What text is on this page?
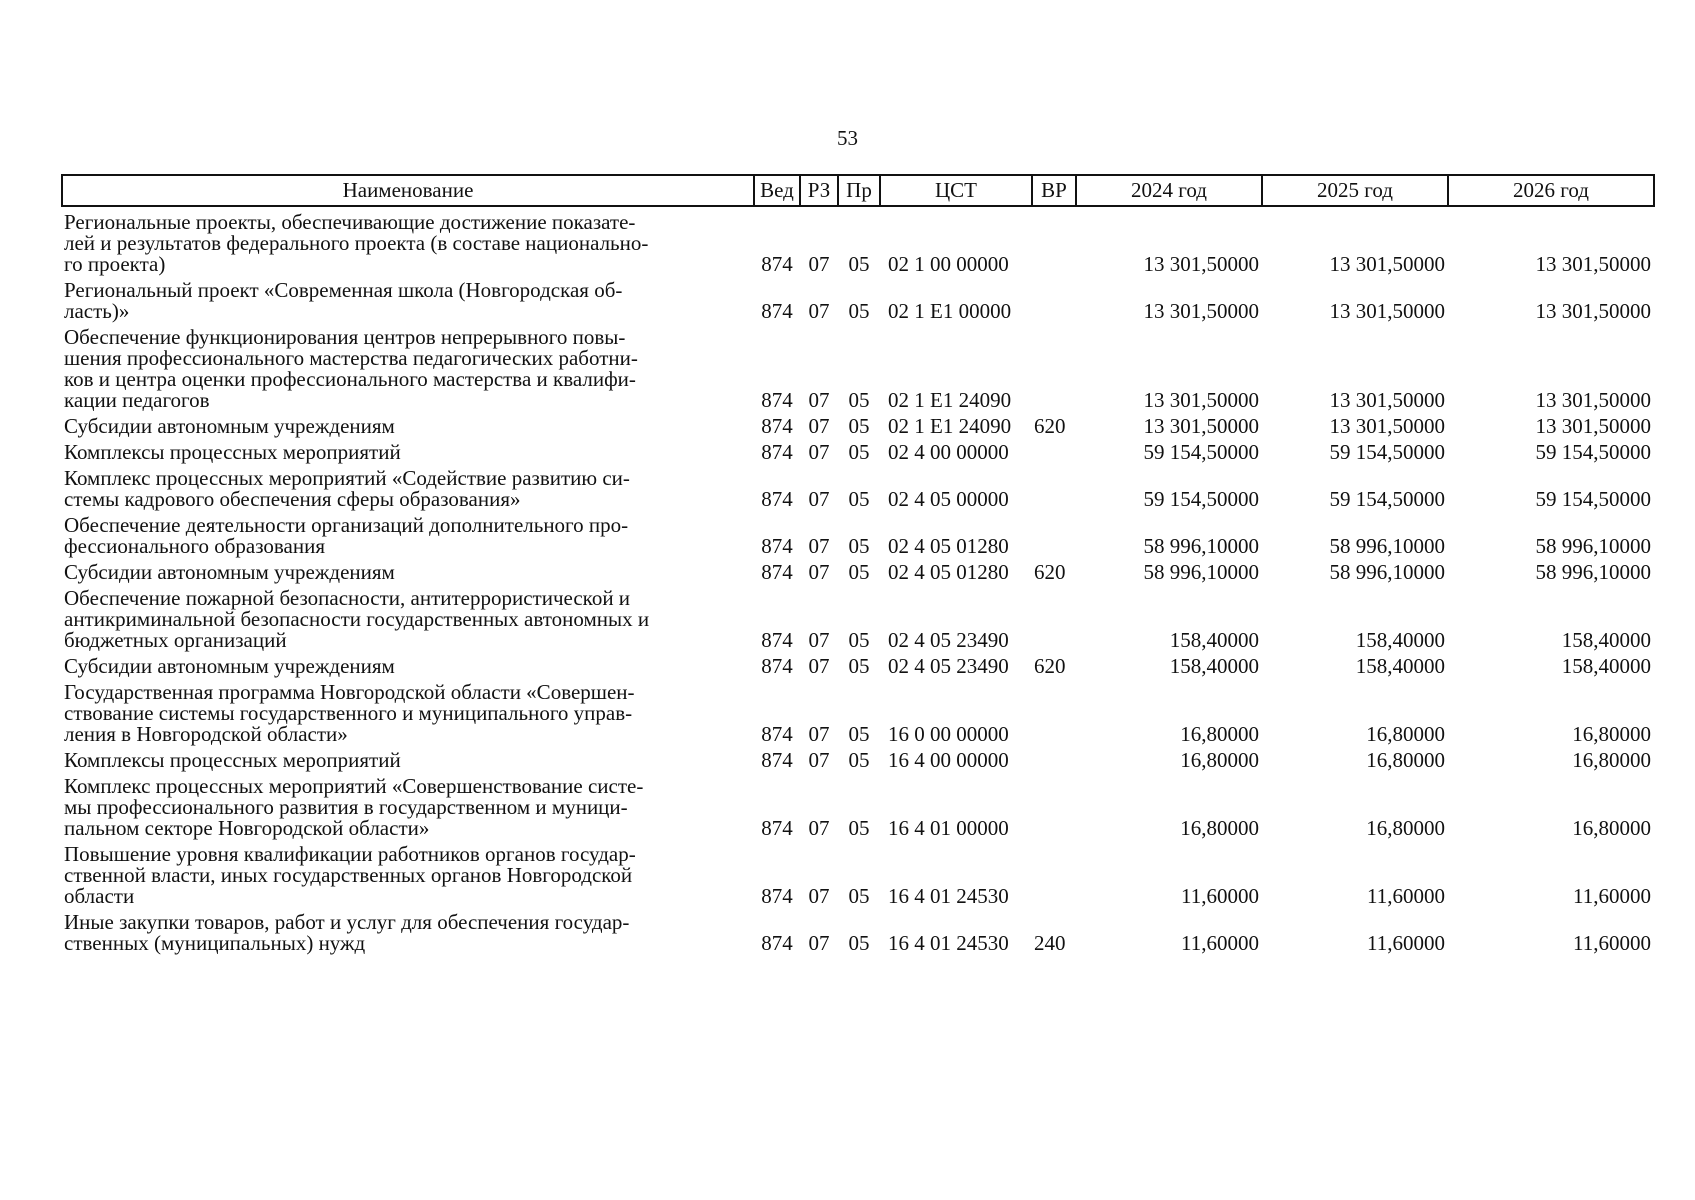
53
Наименование	Вед	РЗ	Пр	ЦСТ	ВР	2024 год	2025 год	2026 год

Региональные проекты, обеспечивающие достижение показате-
лей и результатов федерального проекта (в составе национально-
го проекта)	874	07	05	02 1 00 00000		13 301,50000	13 301,50000	13 301,50000

Региональный проект «Современная школа (Новгородская об-
ласть)»	874	07	05	02 1 E1 00000		13 301,50000	13 301,50000	13 301,50000

Обеспечение функционирования центров непрерывного повы-
шения профессионального мастерства педагогических работни-
ков и центра оценки профессионального мастерства и квалифи-
кации педагогов	874	07	05	02 1 E1 24090		13 301,50000	13 301,50000	13 301,50000

Субсидии автономным учреждениям	874	07	05	02 1 E1 24090	620	13 301,50000	13 301,50000	13 301,50000

Комплексы процессных мероприятий	874	07	05	02 4 00 00000		59 154,50000	59 154,50000	59 154,50000

Комплекс процессных мероприятий «Содействие развитию си-
стемы кадрового обеспечения сферы образования»	874	07	05	02 4 05 00000		59 154,50000	59 154,50000	59 154,50000

Обеспечение деятельности организаций дополнительного про-
фессионального образования	874	07	05	02 4 05 01280		58 996,10000	58 996,10000	58 996,10000

Субсидии автономным учреждениям	874	07	05	02 4 05 01280	620	58 996,10000	58 996,10000	58 996,10000

Обеспечение пожарной безопасности, антитеррористической и
антикриминальной безопасности государственных автономных и
бюджетных организаций	874	07	05	02 4 05 23490		158,40000	158,40000	158,40000

Субсидии автономным учреждениям	874	07	05	02 4 05 23490	620	158,40000	158,40000	158,40000

Государственная программа Новгородской области «Совершен-
ствование системы государственного и муниципального управ-
ления в Новгородской области»	874	07	05	16 0 00 00000		16,80000	16,80000	16,80000

Комплексы процессных мероприятий	874	07	05	16 4 00 00000		16,80000	16,80000	16,80000

Комплекс процессных мероприятий «Совершенствование систе-
мы профессионального развития в государственном и муници-
пальном секторе Новгородской области»	874	07	05	16 4 01 00000		16,80000	16,80000	16,80000

Повышение уровня квалификации работников органов государ-
ственной власти, иных государственных органов Новгородской
области	874	07	05	16 4 01 24530		11,60000	11,60000	11,60000

Иные закупки товаров, работ и услуг для обеспечения государ-
ственных (муниципальных) нужд	874	07	05	16 4 01 24530	240	11,60000	11,60000	11,60000
